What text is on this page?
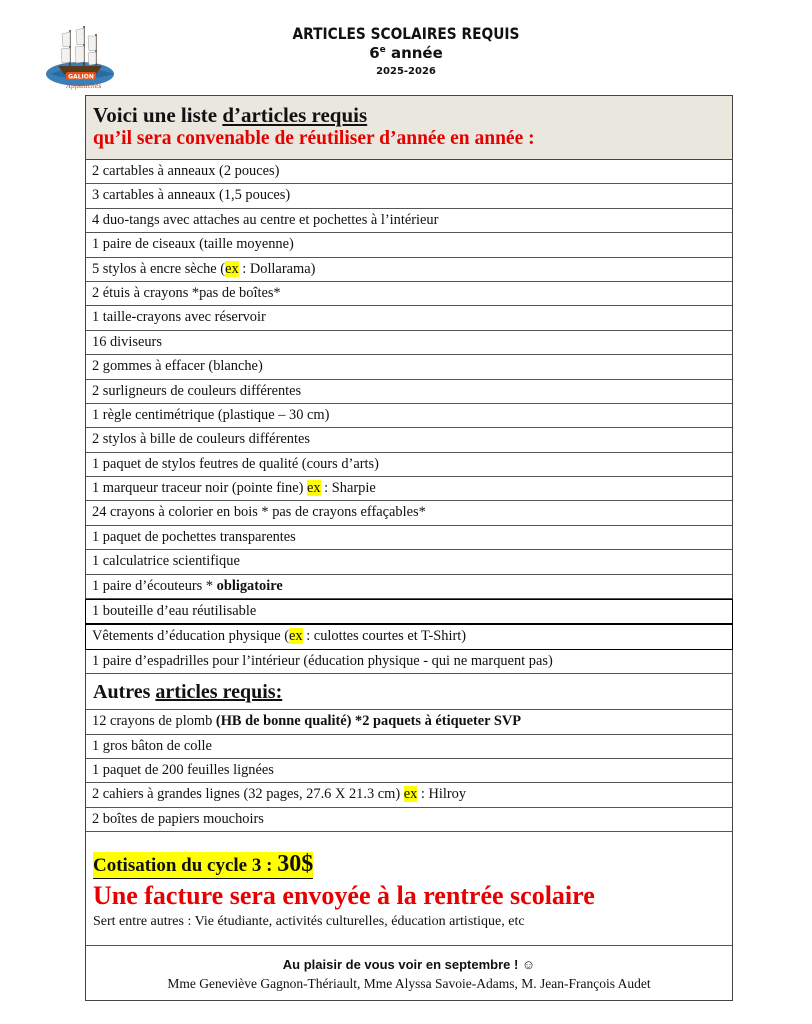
GALION
Appalaches
ARTICLES SCOLAIRES REQUIS
6e année
2025-2026
Voici une liste d’articles requis
qu’il sera convenable de réutiliser d’année en année :
2 cartables à anneaux (2 pouces)
3 cartables à anneaux (1,5 pouces)
4 duo-tangs avec attaches au centre et pochettes à l’intérieur
1 paire de ciseaux (taille moyenne)
5 stylos à encre sèche (ex : Dollarama)
2 étuis à crayons *pas de boîtes*
1 taille-crayons avec réservoir
16 diviseurs
2 gommes à effacer (blanche)
2 surligneurs de couleurs différentes
1 règle centimétrique (plastique – 30 cm)
2 stylos à bille de couleurs différentes
1 paquet de stylos feutres de qualité (cours d’arts)
1 marqueur traceur noir (pointe fine) ex : Sharpie
24 crayons à colorier en bois * pas de crayons effaçables*
1 paquet de pochettes transparentes
1 calculatrice scientifique
1 paire d’écouteurs * obligatoire
1 bouteille d’eau réutilisable
Vêtements d’éducation physique (ex : culottes courtes et T-Shirt)
1 paire d’espadrilles pour l’intérieur (éducation physique - qui ne marquent pas)
Autres articles requis:
12 crayons de plomb (HB de bonne qualité) *2 paquets à étiqueter SVP
1 gros bâton de colle
1 paquet de 200 feuilles lignées
2 cahiers à grandes lignes (32 pages, 27.6 X 21.3 cm) ex : Hilroy
2 boîtes de papiers mouchoirs
Cotisation du cycle 3 : 30$
Une facture sera envoyée à la rentrée scolaire
Sert entre autres : Vie étudiante, activités culturelles, éducation artistique, etc
Au plaisir de vous voir en septembre ! ☺
Mme Geneviève Gagnon-Thériault, Mme Alyssa Savoie-Adams, M. Jean-François Audet
